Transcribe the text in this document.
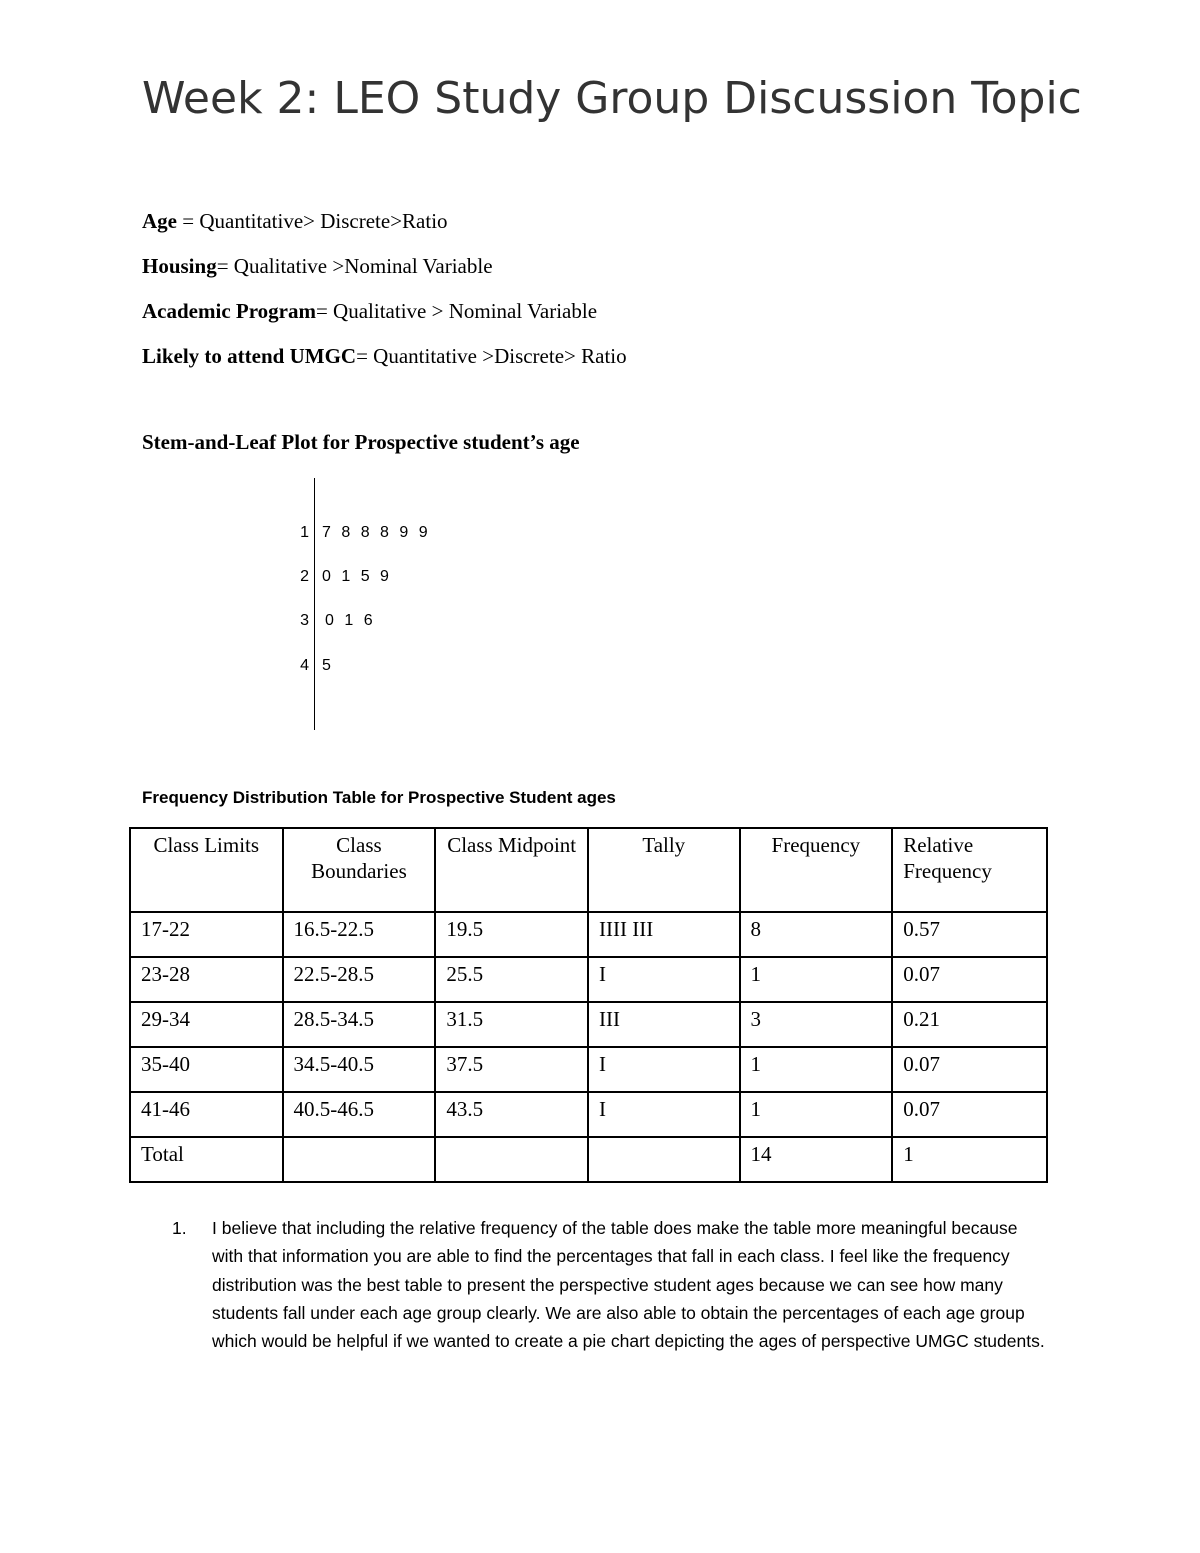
Week 2: LEO Study Group Discussion Topic
Age = Quantitative> Discrete>Ratio
Housing= Qualitative >Nominal Variable
Academic Program= Qualitative > Nominal Variable
Likely to attend UMGC= Quantitative >Discrete> Ratio
Stem-and-Leaf Plot for Prospective student’s age
1 7 8 8 8 9 9
2 0 1 5 9
3 0 1 6
4 5
Frequency Distribution Table for Prospective Student ages
Class Limits	Class Boundaries	Class Midpoint	Tally	Frequency	Relative Frequency
17-22	16.5-22.5	19.5	IIII III	8	0.57
23-28	22.5-28.5	25.5	I	1	0.07
29-34	28.5-34.5	31.5	III	3	0.21
35-40	34.5-40.5	37.5	I	1	0.07
41-46	40.5-46.5	43.5	I	1	0.07
Total				14	1
1. I believe that including the relative frequency of the table does make the table more meaningful because with that information you are able to find the percentages that fall in each class. I feel like the frequency distribution was the best table to present the perspective student ages because we can see how many students fall under each age group clearly. We are also able to obtain the percentages of each age group which would be helpful if we wanted to create a pie chart depicting the ages of perspective UMGC students.
